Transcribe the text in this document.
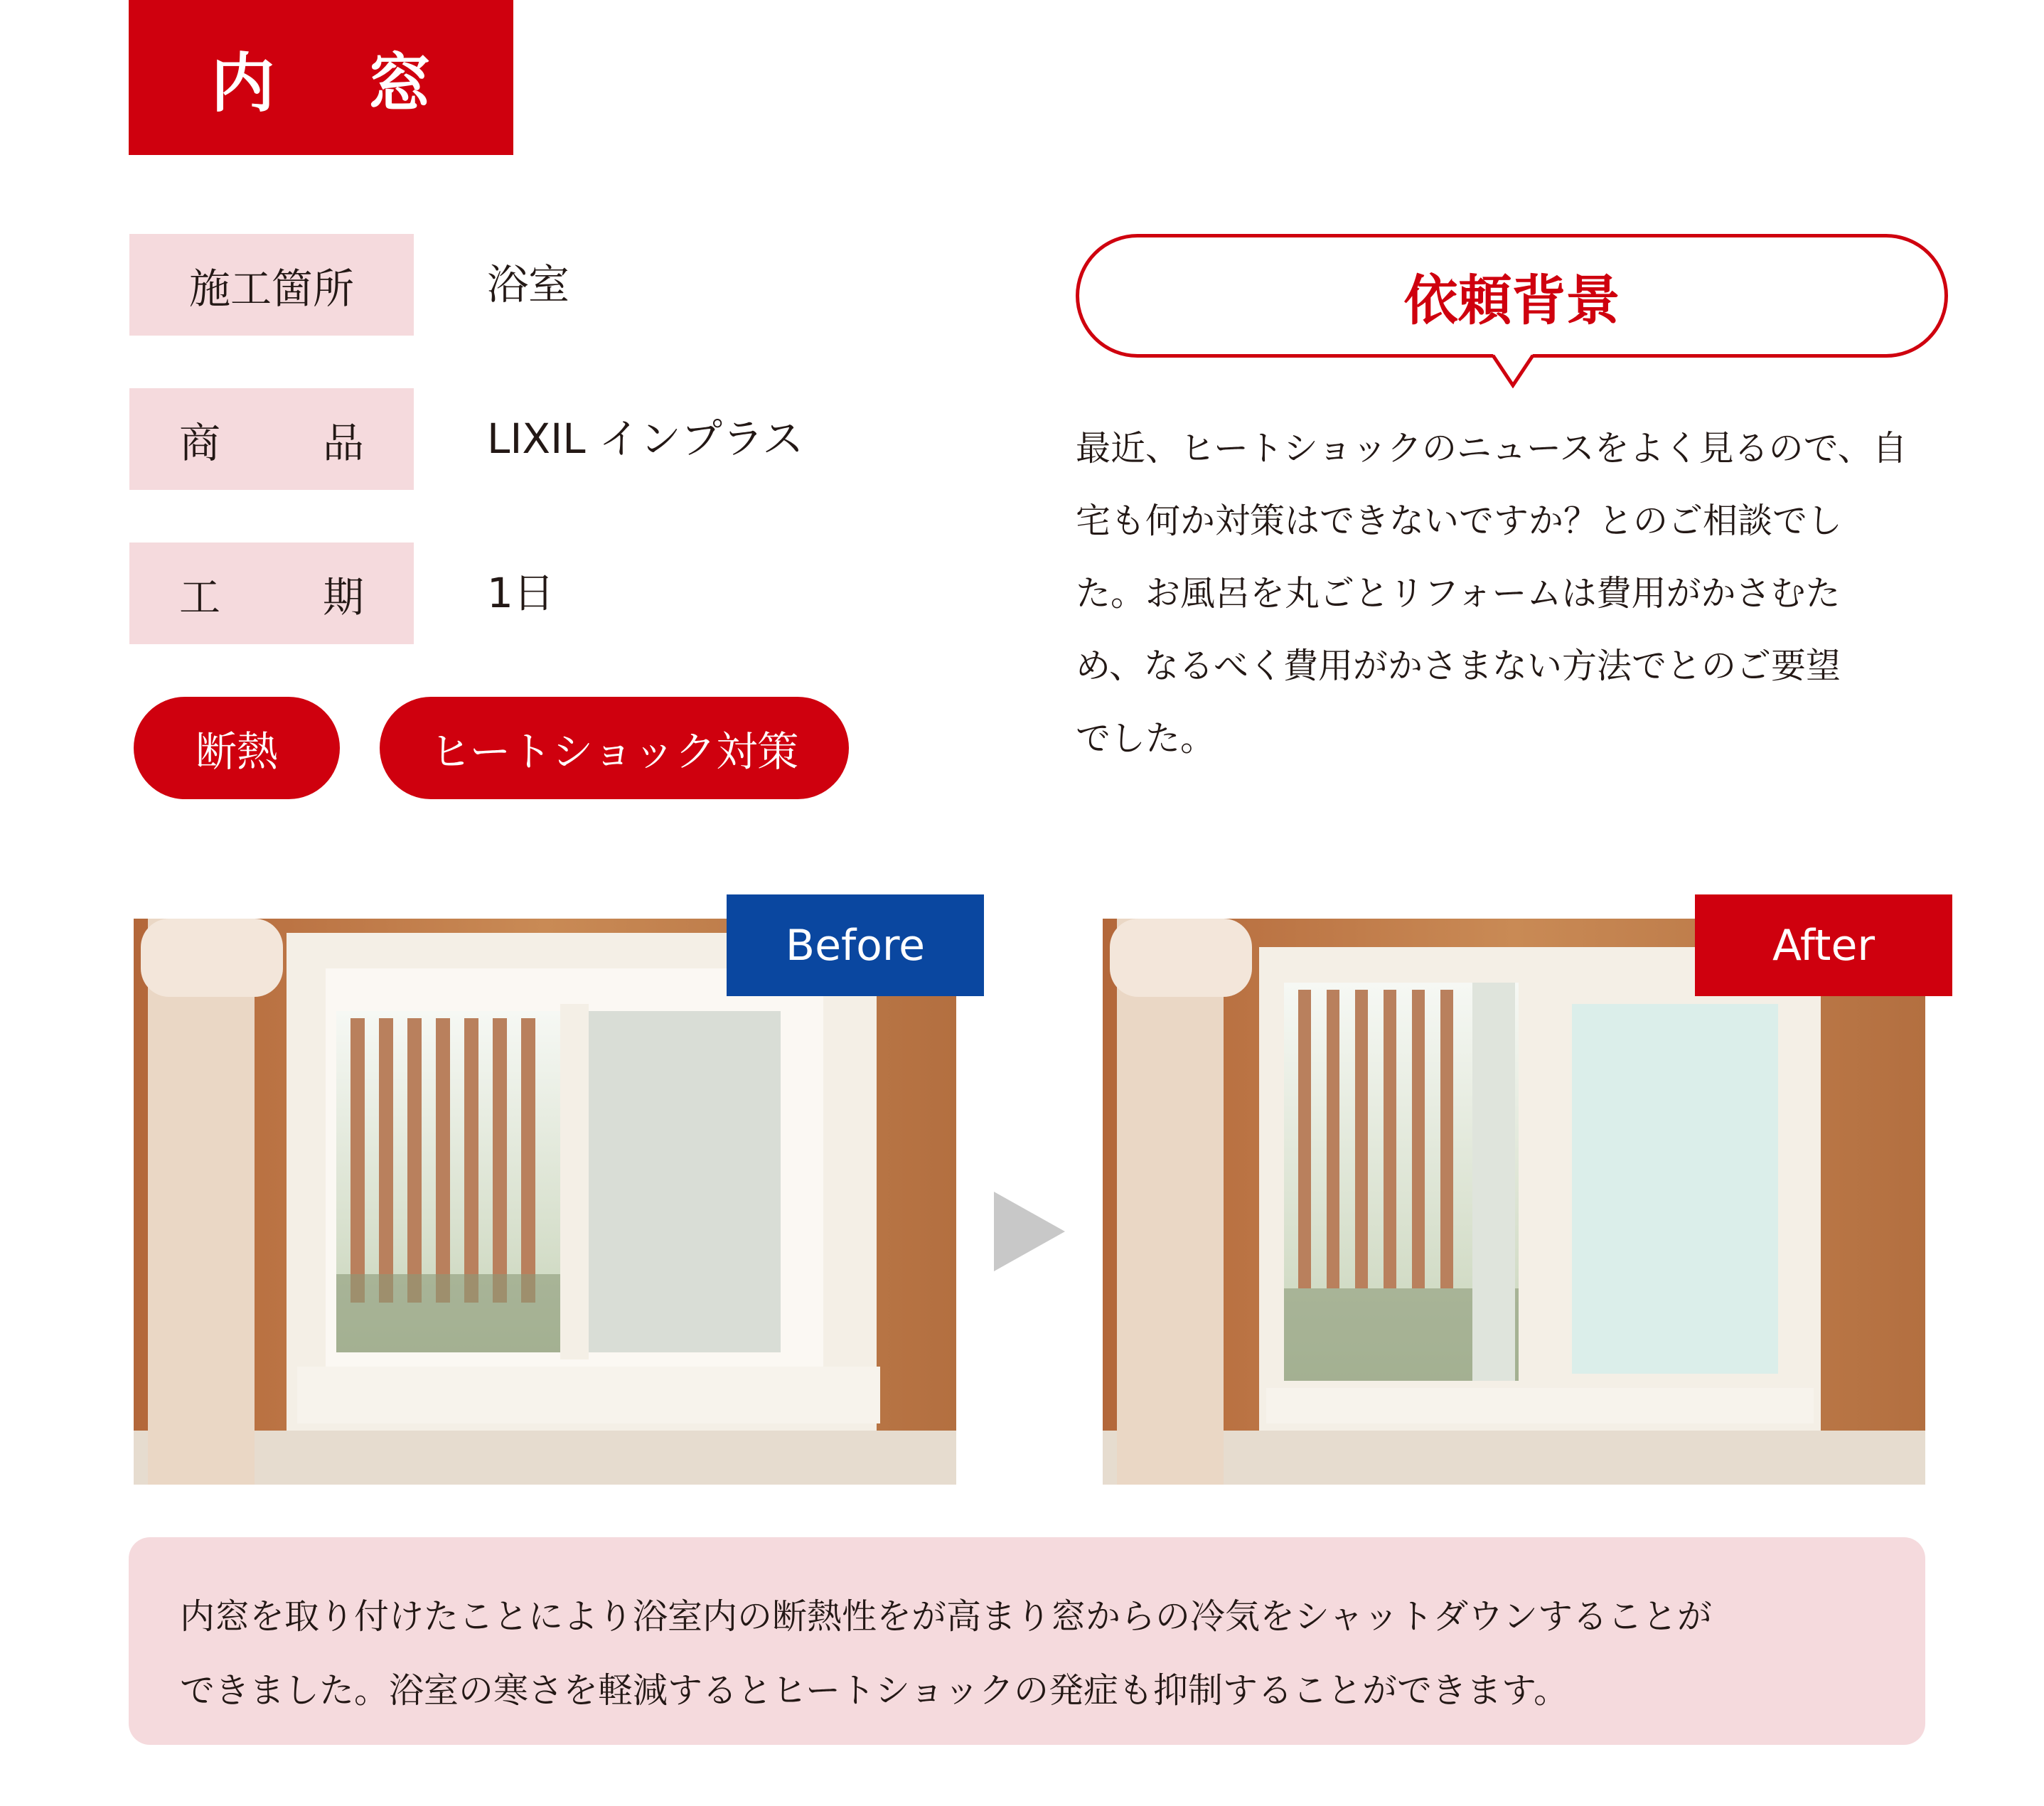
内 窓
施工箇所	浴室
商 品	LIXIL インプラス
工 期	1日
断熱	ヒートショック対策
依頼背景
最近、ヒートショックのニュースをよく見るので、自
宅も何か対策はできないですか？とのご相談でし
た。お風呂を丸ごとリフォームは費用がかさむた
め、なるべく費用がかさまない方法でとのご要望
でした。
Before	After
内窓を取り付けたことにより浴室内の断熱性をが高まり窓からの冷気をシャットダウンすることが
できました。浴室の寒さを軽減するとヒートショックの発症も抑制することができます。
